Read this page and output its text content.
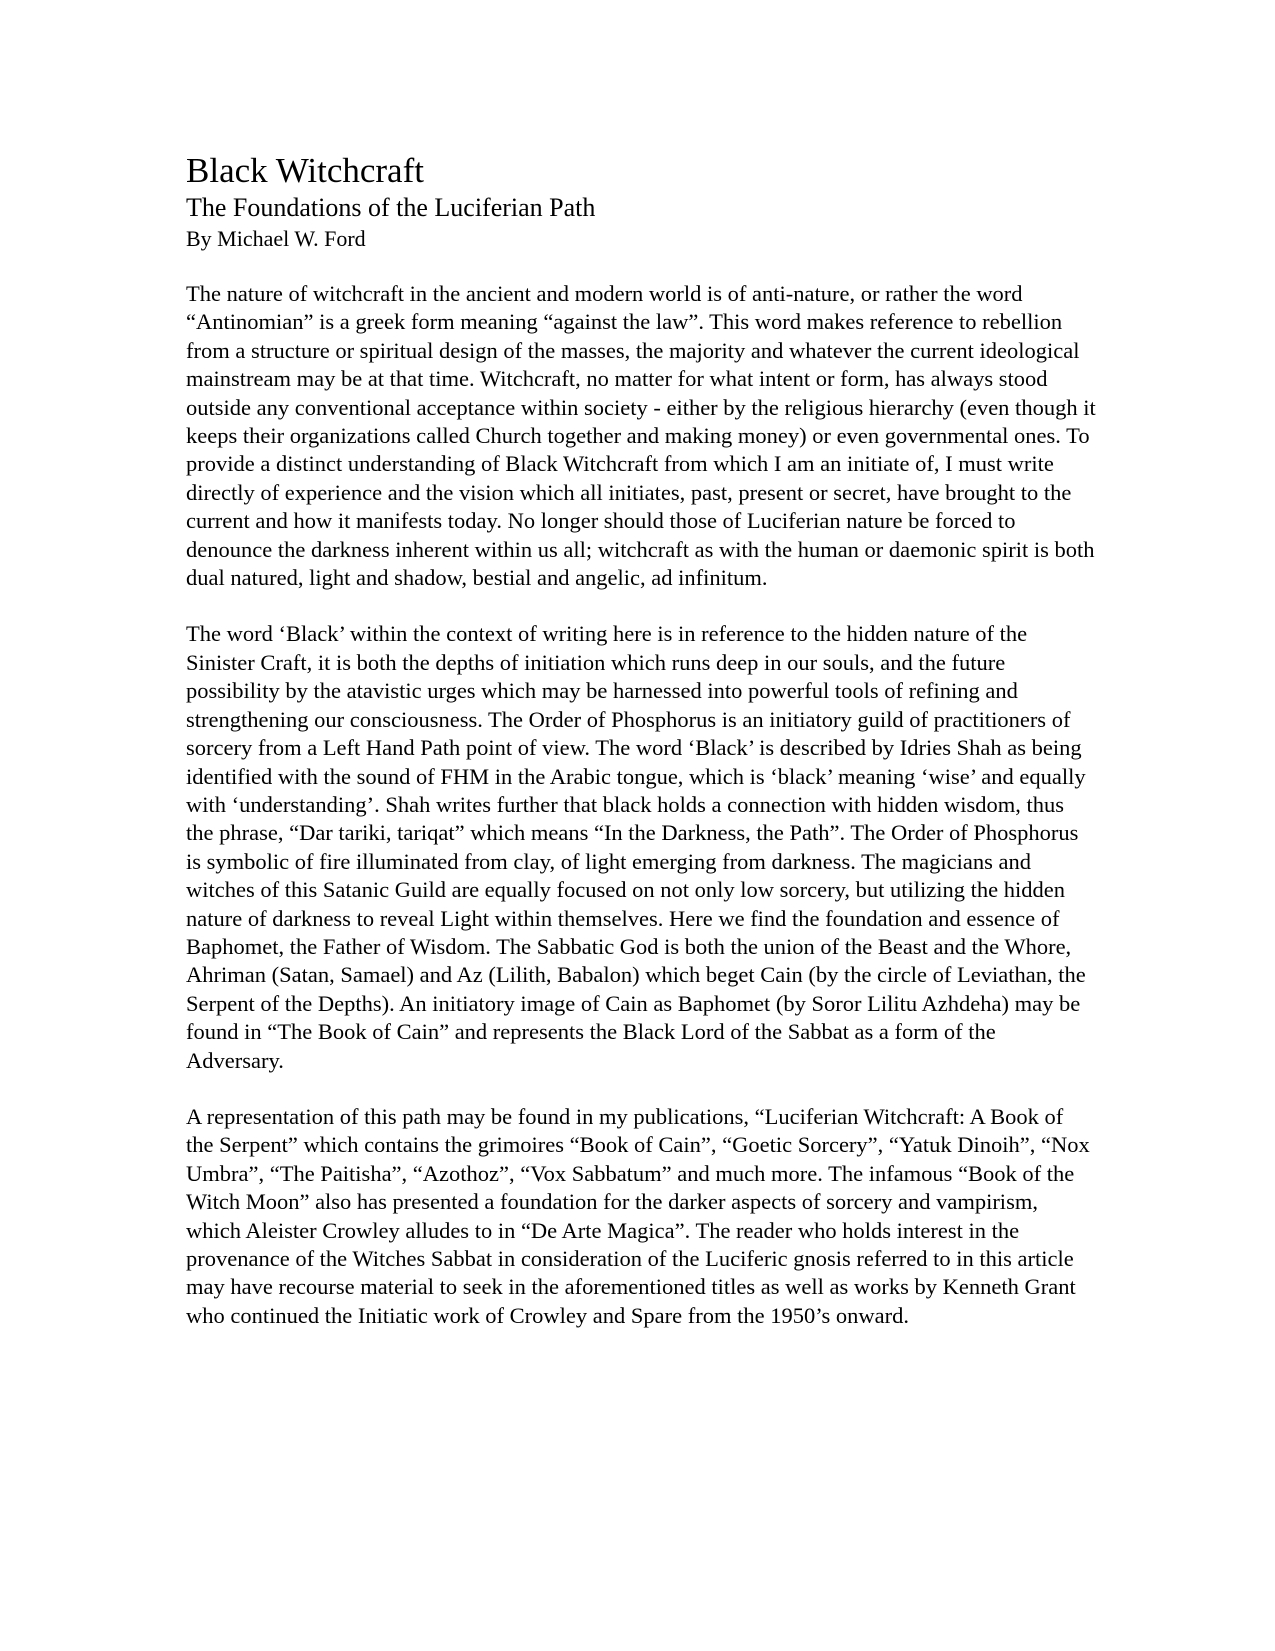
Black Witchcraft
The Foundations of the Luciferian Path

By Michael W. Ford

The nature of witchcraft in the ancient and modern world is of anti-nature, or rather the word “Antinomian” is a greek form meaning “against the law”. This word makes reference to rebellion from a structure or spiritual design of the masses, the majority and whatever the current ideological mainstream may be at that time. Witchcraft, no matter for what intent or form, has always stood outside any conventional acceptance within society - either by the religious hierarchy (even though it keeps their organizations called Church together and making money) or even governmental ones. To provide a distinct understanding of Black Witchcraft from which I am an initiate of, I must write directly of experience and the vision which all initiates, past, present or secret, have brought to the current and how it manifests today. No longer should those of Luciferian nature be forced to denounce the darkness inherent within us all; witchcraft as with the human or daemonic spirit is both dual natured, light and shadow, bestial and angelic, ad infinitum.

The word ‘Black’ within the context of writing here is in reference to the hidden nature of the Sinister Craft, it is both the depths of initiation which runs deep in our souls, and the future possibility by the atavistic urges which may be harnessed into powerful tools of refining and strengthening our consciousness. The Order of Phosphorus is an initiatory guild of practitioners of sorcery from a Left Hand Path point of view. The word ‘Black’ is described by Idries Shah as being identified with the sound of FHM in the Arabic tongue, which is ‘black’ meaning ‘wise’ and equally with ‘understanding’. Shah writes further that black holds a connection with hidden wisdom, thus the phrase, “Dar tariki, tariqat” which means “In the Darkness, the Path”. The Order of Phosphorus is symbolic of fire illuminated from clay, of light emerging from darkness. The magicians and witches of this Satanic Guild are equally focused on not only low sorcery, but utilizing the hidden nature of darkness to reveal Light within themselves. Here we find the foundation and essence of Baphomet, the Father of Wisdom. The Sabbatic God is both the union of the Beast and the Whore, Ahriman (Satan, Samael) and Az (Lilith, Babalon) which beget Cain (by the circle of Leviathan, the Serpent of the Depths). An initiatory image of Cain as Baphomet (by Soror Lilitu Azhdeha) may be found in “The Book of Cain” and represents the Black Lord of the Sabbat as a form of the Adversary.

A representation of this path may be found in my publications, “Luciferian Witchcraft: A Book of the Serpent” which contains the grimoires “Book of Cain”, “Goetic Sorcery”, “Yatuk Dinoih”, “Nox Umbra”, “The Paitisha”, “Azothoz”, “Vox Sabbatum” and much more. The infamous “Book of the Witch Moon” also has presented a foundation for the darker aspects of sorcery and vampirism, which Aleister Crowley alludes to in “De Arte Magica”. The reader who holds interest in the provenance of the Witches Sabbat in consideration of the Luciferic gnosis referred to in this article may have recourse material to seek in the aforementioned titles as well as works by Kenneth Grant who continued the Initiatic work of Crowley and Spare from the 1950’s onward.
